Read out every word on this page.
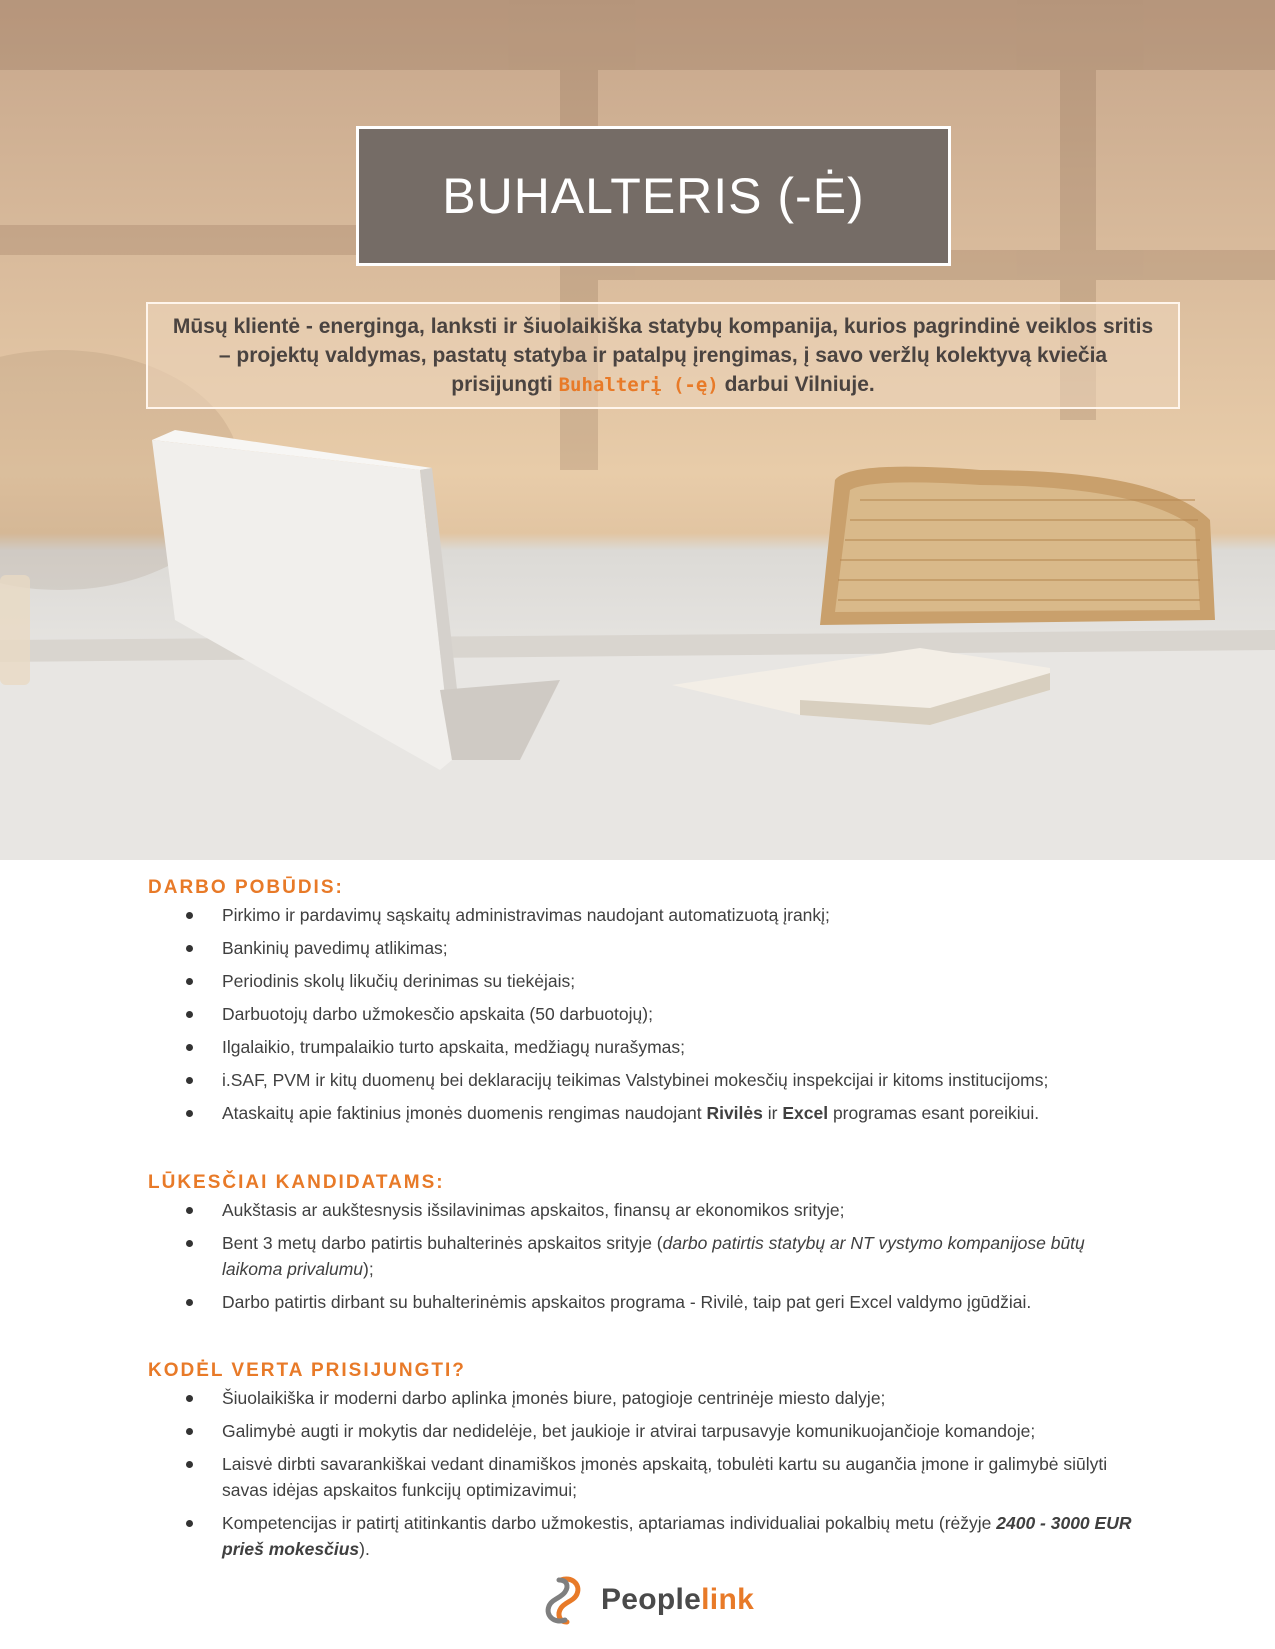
BUHALTERIS (-Ė)

Mūsų klientė - energinga, lanksti ir šiuolaikiška statybų kompanija, kurios pagrindinė veiklos sritis – projektų valdymas, pastatų statyba ir patalpų įrengimas, į savo veržlų kolektyvą kviečia prisijungti Buhalterį (-ę) darbui Vilniuje.

DARBO POBŪDIS:
Pirkimo ir pardavimų sąskaitų administravimas naudojant automatizuotą įrankį;
Bankinių pavedimų atlikimas;
Periodinis skolų likučių derinimas su tiekėjais;
Darbuotojų darbo užmokesčio apskaita (50 darbuotojų);
Ilgalaikio, trumpalaikio turto apskaita, medžiagų nurašymas;
i.SAF, PVM ir kitų duomenų bei deklaracijų teikimas Valstybinei mokesčių inspekcijai ir kitoms institucijoms;
Ataskaitų apie faktinius įmonės duomenis rengimas naudojant Rivilės ir Excel programas esant poreikiui.
LŪKESČIAI KANDIDATAMS:
Aukštasis ar aukštesnysis išsilavinimas apskaitos, finansų ar ekonomikos srityje;
Bent 3 metų darbo patirtis buhalterinės apskaitos srityje (darbo patirtis statybų ar NT vystymo kompanijose būtų laikoma privalumu);
Darbo patirtis dirbant su buhalterinėmis apskaitos programa - Rivilė, taip pat geri Excel valdymo įgūdžiai.
KODĖL VERTA PRISIJUNGTI?
Šiuolaikiška ir moderni darbo aplinka įmonės biure, patogioje centrinėje miesto dalyje;
Galimybė augti ir mokytis dar nedidelėje, bet jaukioje ir atvirai tarpusavyje komunikuojančioje komandoje;
Laisvė dirbti savarankiškai vedant dinamiškos įmonės apskaitą, tobulėti kartu su augančia įmone ir galimybė siūlyti savas idėjas apskaitos funkcijų optimizavimui;
Kompetencijas ir patirtį atitinkantis darbo užmokestis, aptariamas individualiai pokalbių metu (rėžyje 2400 - 3000 EUR prieš mokesčius).
Peoplelink
